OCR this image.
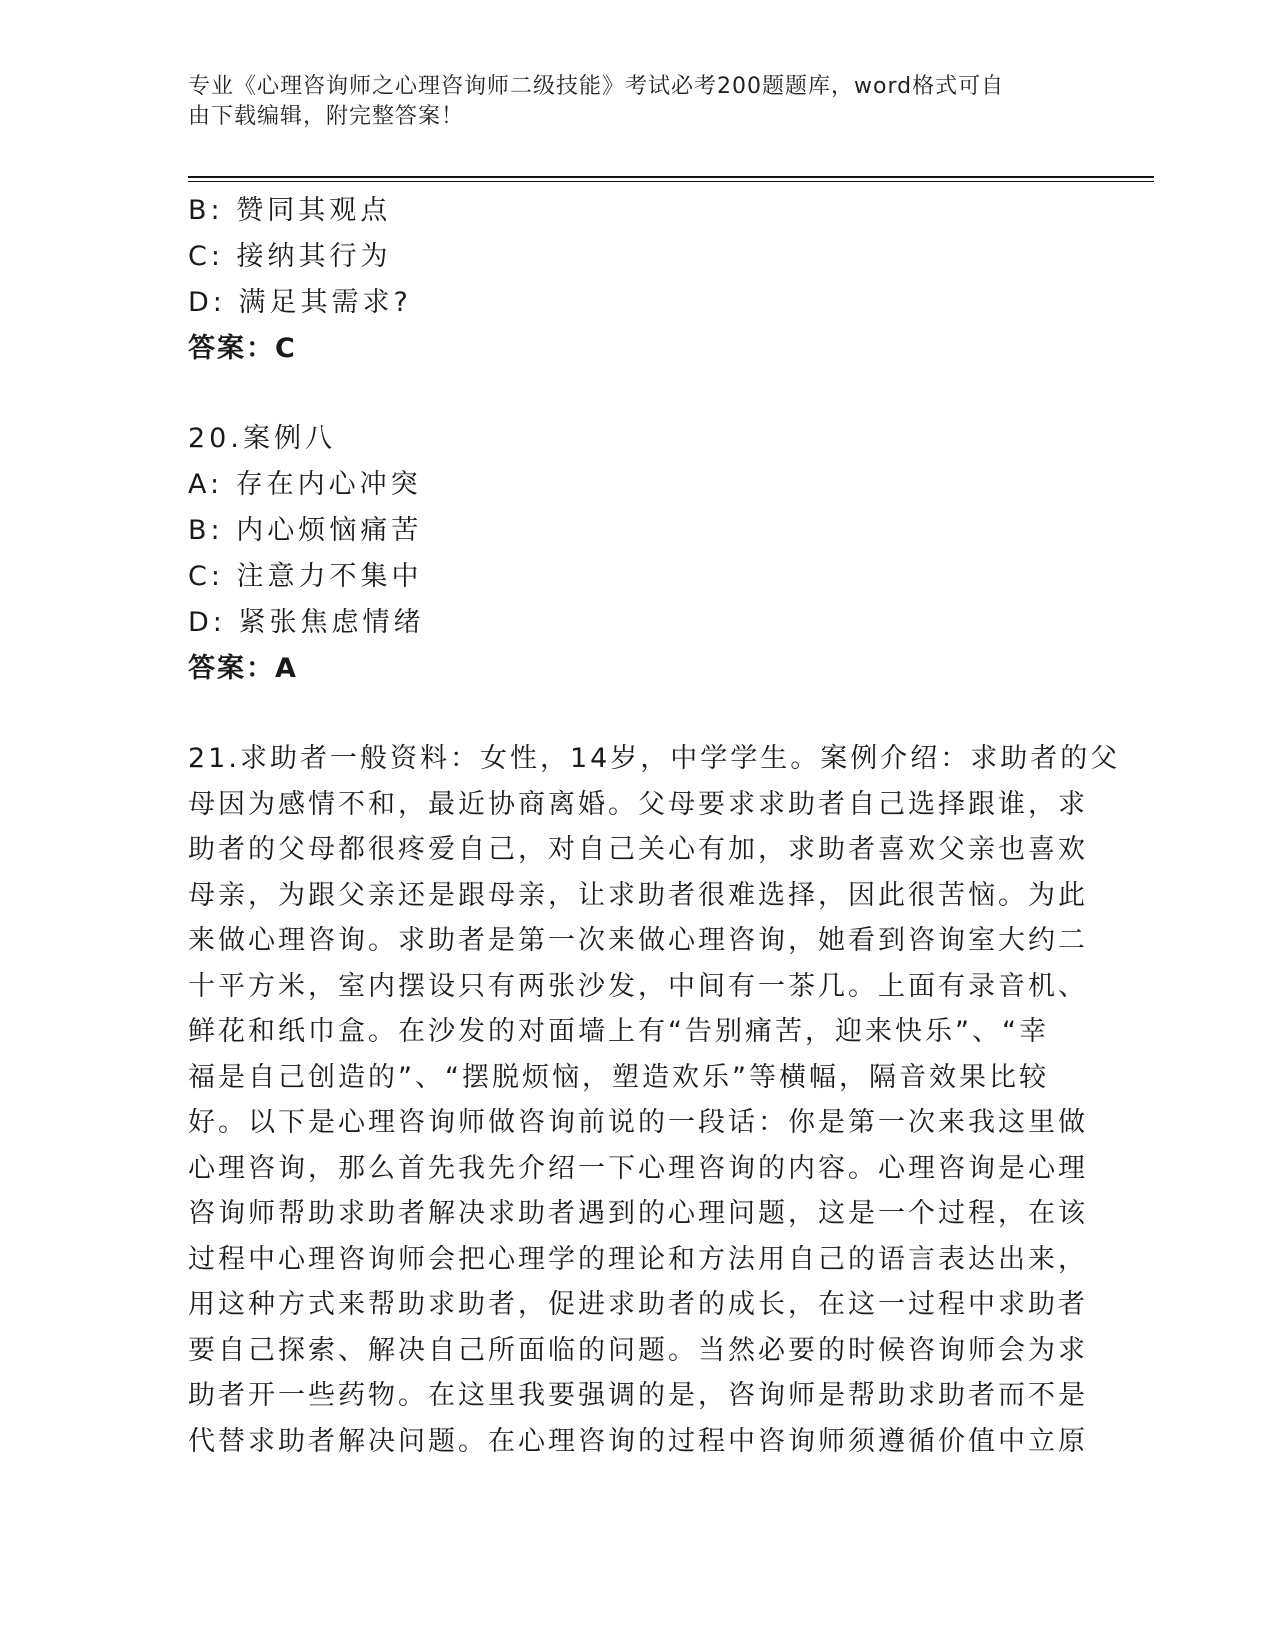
专业《心理咨询师之心理咨询师二级技能》考试必考200题题库，word格式可自
由下载编辑，附完整答案！
B: 赞同其观点
C: 接纳其行为
D: 满足其需求?
答案：C
20.案例八
A: 存在内心冲突
B: 内心烦恼痛苦
C: 注意力不集中
D: 紧张焦虑情绪
答案：A
21.求助者一般资料：女性，14岁，中学学生。案例介绍：求助者的父
母因为感情不和，最近协商离婚。父母要求求助者自己选择跟谁，求
助者的父母都很疼爱自己，对自己关心有加，求助者喜欢父亲也喜欢
母亲，为跟父亲还是跟母亲，让求助者很难选择，因此很苦恼。为此
来做心理咨询。求助者是第一次来做心理咨询，她看到咨询室大约二
十平方米，室内摆设只有两张沙发，中间有一茶几。上面有录音机、
鲜花和纸巾盒。在沙发的对面墙上有“告别痛苦，迎来快乐”、“幸
福是自己创造的”、“摆脱烦恼，塑造欢乐”等横幅，隔音效果比较
好。以下是心理咨询师做咨询前说的一段话：你是第一次来我这里做
心理咨询，那么首先我先介绍一下心理咨询的内容。心理咨询是心理
咨询师帮助求助者解决求助者遇到的心理问题，这是一个过程，在该
过程中心理咨询师会把心理学的理论和方法用自己的语言表达出来，
用这种方式来帮助求助者，促进求助者的成长，在这一过程中求助者
要自己探索、解决自己所面临的问题。当然必要的时候咨询师会为求
助者开一些药物。在这里我要强调的是，咨询师是帮助求助者而不是
代替求助者解决问题。在心理咨询的过程中咨询师须遵循价值中立原
